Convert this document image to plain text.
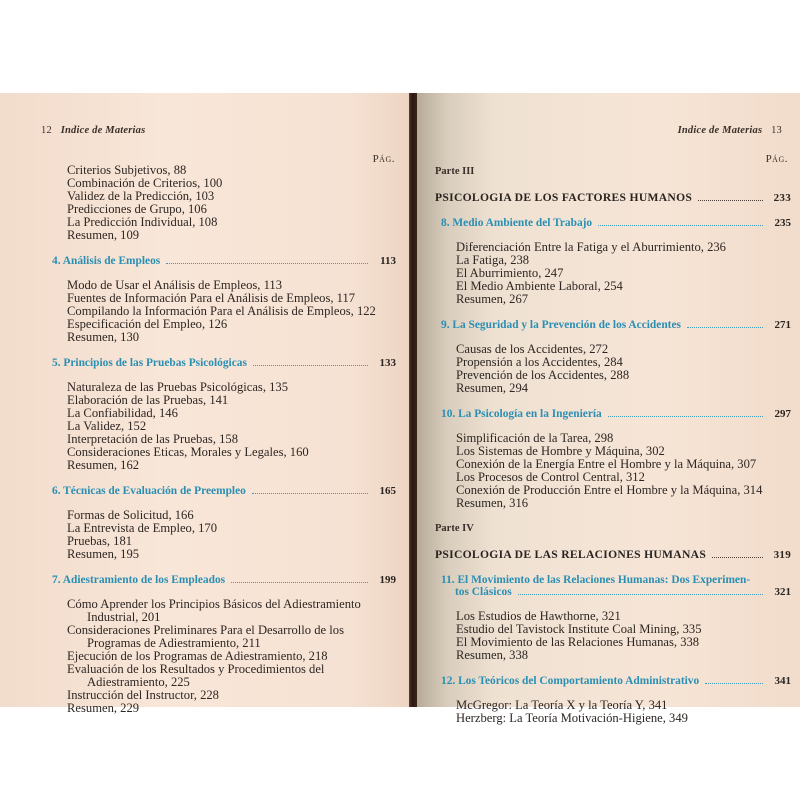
12 Indice de Materias
Pág.
Criterios Subjetivos, 88
Combinación de Criterios, 100
Validez de la Predicción, 103
Predicciones de Grupo, 106
La Predicción Individual, 108
Resumen, 109
4. Análisis de Empleos	113
Modo de Usar el Análisis de Empleos, 113
Fuentes de Información Para el Análisis de Empleos, 117
Compilando la Información Para el Análisis de Empleos, 122
Especificación del Empleo, 126
Resumen, 130
5. Principios de las Pruebas Psicológicas	133
Naturaleza de las Pruebas Psicológicas, 135
Elaboración de las Pruebas, 141
La Confiabilidad, 146
La Validez, 152
Interpretación de las Pruebas, 158
Consideraciones Eticas, Morales y Legales, 160
Resumen, 162
6. Técnicas de Evaluación de Preempleo	165
Formas de Solicitud, 166
La Entrevista de Empleo, 170
Pruebas, 181
Resumen, 195
7. Adiestramiento de los Empleados	199
Cómo Aprender los Principios Básicos del Adiestramiento
Industrial, 201
Consideraciones Preliminares Para el Desarrollo de los
Programas de Adiestramiento, 211
Ejecución de los Programas de Adiestramiento, 218
Evaluación de los Resultados y Procedimientos del
Adiestramiento, 225
Instrucción del Instructor, 228
Resumen, 229
Indice de Materias 13
Pág.
Parte III
PSICOLOGIA DE LOS FACTORES HUMANOS	233
8. Medio Ambiente del Trabajo	235
Diferenciación Entre la Fatiga y el Aburrimiento, 236
La Fatiga, 238
El Aburrimiento, 247
El Medio Ambiente Laboral, 254
Resumen, 267
9. La Seguridad y la Prevención de los Accidentes	271
Causas de los Accidentes, 272
Propensión a los Accidentes, 284
Prevención de los Accidentes, 288
Resumen, 294
10. La Psicología en la Ingeniería	297
Simplificación de la Tarea, 298
Los Sistemas de Hombre y Máquina, 302
Conexión de la Energía Entre el Hombre y la Máquina, 307
Los Procesos de Control Central, 312
Conexión de Producción Entre el Hombre y la Máquina, 314
Resumen, 316
Parte IV
PSICOLOGIA DE LAS RELACIONES HUMANAS	319
11. El Movimiento de las Relaciones Humanas: Dos Experimen-
tos Clásicos	321
Los Estudios de Hawthorne, 321
Estudio del Tavistock Institute Coal Mining, 335
El Movimiento de las Relaciones Humanas, 338
Resumen, 338
12. Los Teóricos del Comportamiento Administrativo	341
McGregor: La Teoría X y la Teoría Y, 341
Herzberg: La Teoría Motivación-Higiene, 349
